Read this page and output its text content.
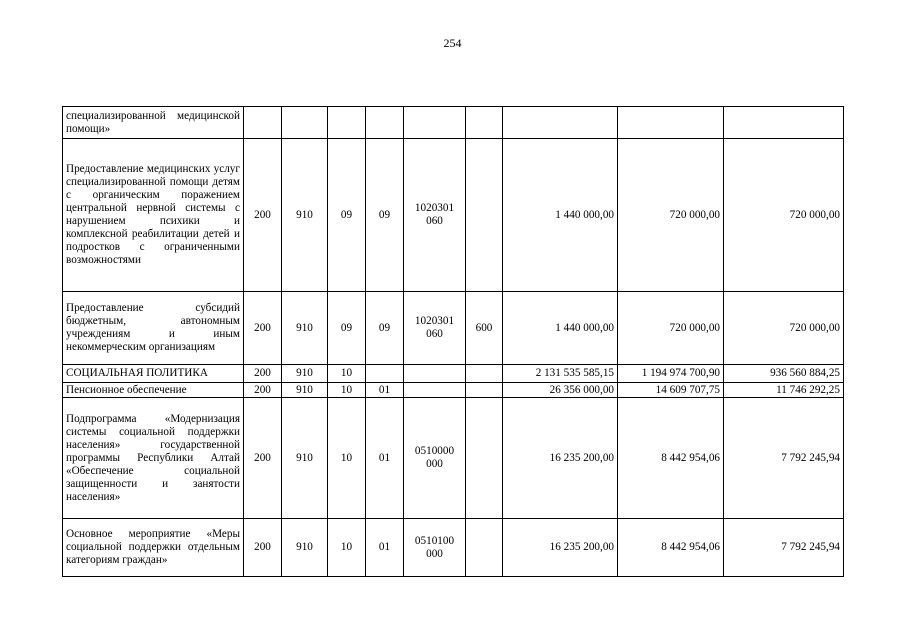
254
специализированной медицинской помощи»									
Предоставление медицинских услуг специализированной помощи детям с органическим поражением центральной нервной системы с нарушением психики и комплексной реабилитации детей и подростков с ограниченными возможностями	200	910	09	09	1020301 060		1 440 000,00	720 000,00	720 000,00
Предоставление субсидий бюджетным, автономным учреждениям и иным некоммерческим организациям	200	910	09	09	1020301 060	600	1 440 000,00	720 000,00	720 000,00
СОЦИАЛЬНАЯ ПОЛИТИКА	200	910	10				2 131 535 585,15	1 194 974 700,90	936 560 884,25
Пенсионное обеспечение	200	910	10	01			26 356 000,00	14 609 707,75	11 746 292,25
Подпрограмма «Модернизация системы социальной поддержки населения» государственной программы Республики Алтай «Обеспечение социальной защищенности и занятости населения»	200	910	10	01	0510000 000		16 235 200,00	8 442 954,06	7 792 245,94
Основное мероприятие «Меры социальной поддержки отдельным категориям граждан»	200	910	10	01	0510100 000		16 235 200,00	8 442 954,06	7 792 245,94
